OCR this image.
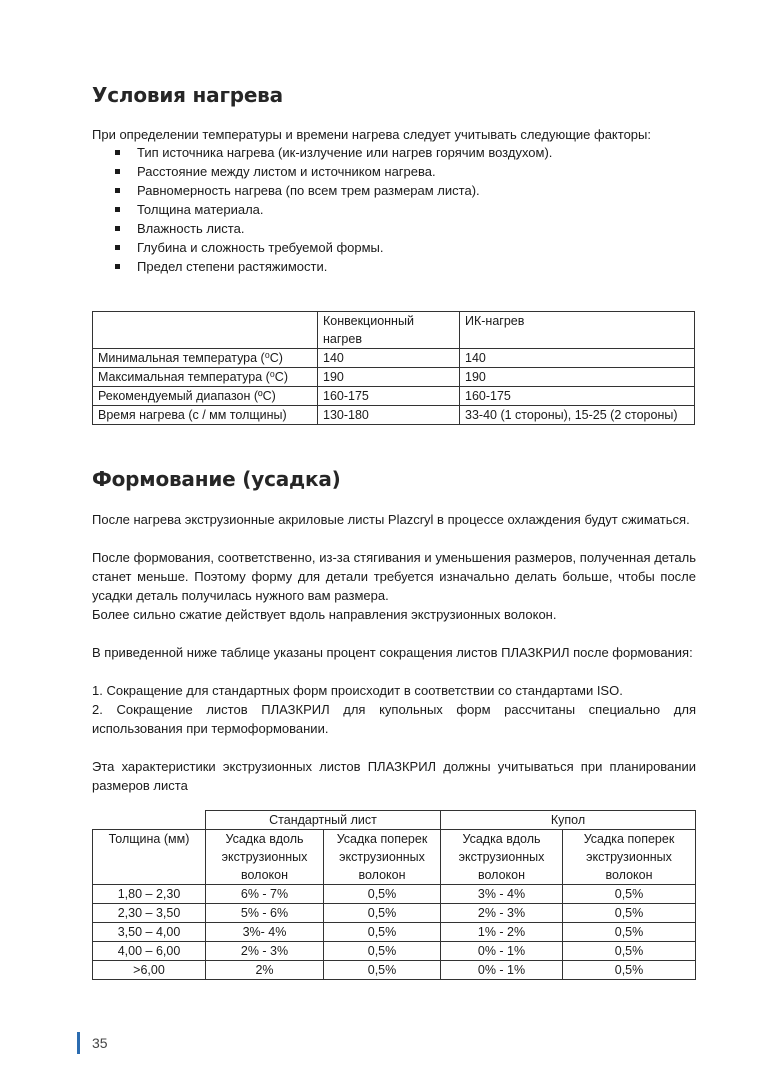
Условия нагрева

При определении температуры и времени нагрева следует учитывать следующие факторы:

Тип источника нагрева (ик-излучение или нагрев горячим воздухом).
Расстояние между листом и источником нагрева.
Равномерность нагрева (по всем трем размерам листа).
Толщина материала.
Влажность листа.
Глубина и сложность требуемой формы.
Предел степени растяжимости.
	Конвекционный нагрев	ИК-нагрев
Минимальная температура (⁰С)	140	140
Максимальная температура (⁰С)	190	190
Рекомендуемый диапазон (ºС)	160-175	160-175
Время нагрева (с / мм толщины)	130-180	33-40 (1 стороны), 15-25 (2 стороны)
Формование (усадка)

После нагрева экструзионные акриловые листы Plazcryl в процессе охлаждения будут сжиматься.

После формования, соответственно, из-за стягивания и уменьшения размеров, полученная деталь станет меньше. Поэтому форму для детали требуется изначально делать больше, чтобы после усадки деталь получилась нужного вам размера.

Более сильно сжатие действует вдоль направления экструзионных волокон.

В приведенной ниже таблице указаны процент сокращения листов ПЛАЗКРИЛ после формования:

1. Сокращение для стандартных форм происходит в соответствии со стандартами ISO.

2. Сокращение листов ПЛАЗКРИЛ для купольных форм рассчитаны специально для использования при термоформовании.

Эта характеристики экструзионных листов ПЛАЗКРИЛ должны учитываться при планировании размеров листа

	Стандартный лист		Купол	
Толщина (мм)	Усадка вдоль экструзионных волокон	Усадка поперек экструзионных волокон	Усадка вдоль экструзионных волокон	Усадка поперек экструзионных волокон
1,80 – 2,30	6% - 7%	0,5%	3% - 4%	0,5%
2,30 – 3,50	5% - 6%	0,5%	2% - 3%	0,5%
3,50 – 4,00	3%- 4%	0,5%	1% - 2%	0,5%
4,00 – 6,00	2% - 3%	0,5%	0% - 1%	0,5%
>6,00	2%	0,5%	0% - 1%	0,5%
35
